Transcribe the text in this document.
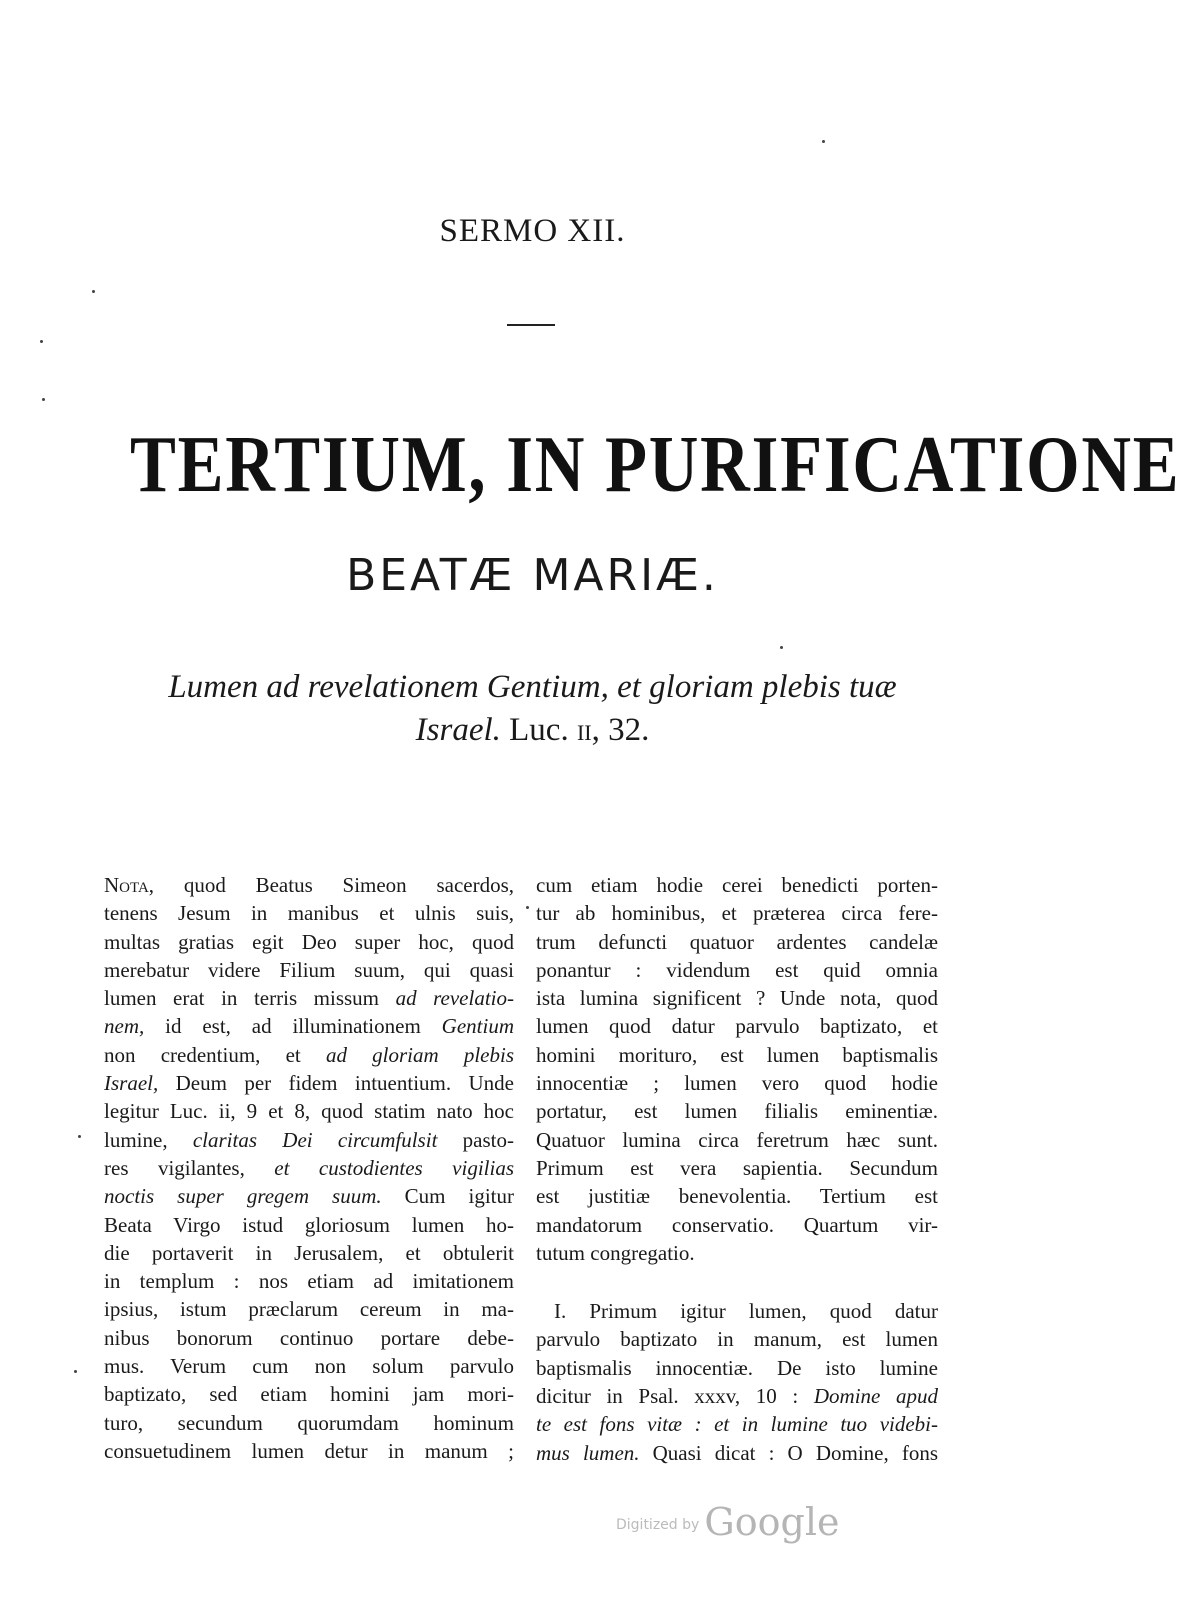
SERMO XII.
TERTIUM, IN PURIFICATIONE
BEATÆ MARIÆ.
Lumen ad revelationem Gentium, et gloriam plebis tuæ
Israel. Luc. II, 32.
Nota, quod Beatus Simeon sacerdos,
tenens Jesum in manibus et ulnis suis,
multas gratias egit Deo super hoc, quod
merebatur videre Filium suum, qui quasi
lumen erat in terris missum ad revelatio-
nem, id est, ad illuminationem Gentium
non credentium, et ad gloriam plebis
Israel, Deum per fidem intuentium. Unde
legitur Luc. ii, 9 et 8, quod statim nato hoc
lumine, claritas Dei circumfulsit pasto-
res vigilantes, et custodientes vigilias
noctis super gregem suum. Cum igitur
Beata Virgo istud gloriosum lumen ho-
die portaverit in Jerusalem, et obtulerit
in templum : nos etiam ad imitationem
ipsius, istum præclarum cereum in ma-
nibus bonorum continuo portare debe-
mus. Verum cum non solum parvulo
baptizato, sed etiam homini jam mori-
turo, secundum quorumdam hominum
consuetudinem lumen detur in manum ;
cum etiam hodie cerei benedicti porten-
tur ab hominibus, et præterea circa fere-
trum defuncti quatuor ardentes candelæ
ponantur : videndum est quid omnia
ista lumina significent ? Unde nota, quod
lumen quod datur parvulo baptizato, et
homini morituro, est lumen baptismalis
innocentiæ ; lumen vero quod hodie
portatur, est lumen filialis eminentiæ.
Quatuor lumina circa feretrum hæc sunt.
Primum est vera sapientia. Secundum
est justitiæ benevolentia. Tertium est
mandatorum conservatio. Quartum vir-
tutum congregatio.
I. Primum igitur lumen, quod datur
parvulo baptizato in manum, est lumen
baptismalis innocentiæ. De isto lumine
dicitur in Psal. xxxv, 10 : Domine apud
te est fons vitæ : et in lumine tuo videbi-
mus lumen. Quasi dicat : O Domine, fons
Digitized by Google
